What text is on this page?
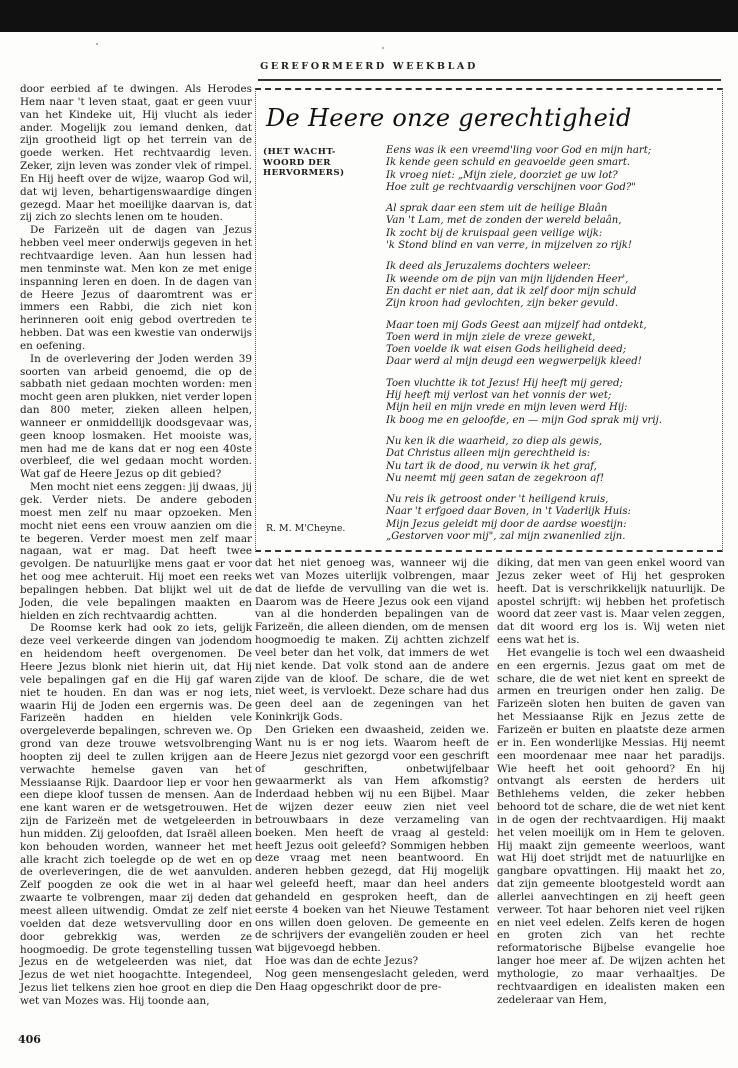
GEREFORMEERD WEEKBLAD

door eerbied af te dwingen. Als Herodes Hem naar 't leven staat, gaat er geen vuur van het Kindeke uit, Hij vlucht als ieder ander. Mogelijk zou iemand denken, dat zijn grootheid ligt op het terrein van de goede werken. Het rechtvaardig leven. Zeker, zijn leven was zonder vlek of rimpel. En Hij heeft over de wijze, waarop God wil, dat wij leven, behartigenswaardige dingen gezegd. Maar het moeilijke daarvan is, dat zij zich zo slechts lenen om te houden.

De Farizeën uit de dagen van Jezus hebben veel meer onderwijs gegeven in het rechtvaardige leven. Aan hun lessen had men tenminste wat. Men kon ze met enige inspanning leren en doen. In de dagen van de Heere Jezus of daaromtrent was er immers een Rabbi, die zich niet kon herinneren ooit enig gebod overtreden te hebben. Dat was een kwestie van onderwijs en oefening.

In de overlevering der Joden werden 39 soorten van arbeid genoemd, die op de sabbath niet gedaan mochten worden: men mocht geen aren plukken, niet verder lopen dan 800 meter, zieken alleen helpen, wanneer er onmiddellijk doodsgevaar was, geen knoop losmaken. Het mooiste was, men had me de kans dat er nog een 40ste overbleef, die wel gedaan mocht worden. Wat gaf de Heere Jezus op dit gebied?

Men mocht niet eens zeggen: jij dwaas, jij gek. Verder niets. De andere geboden moest men zelf nu maar opzoeken. Men mocht niet eens een vrouw aanzien om die te begeren. Verder moest men zelf maar nagaan, wat er mag. Dat heeft twee gevolgen. De natuurlijke mens gaat er voor het oog mee achteruit. Hij moet een reeks bepalingen hebben. Dat blijkt wel uit de Joden, die vele bepalingen maakten en hielden en zich rechtvaardig achtten.

De Roomse kerk had ook zo iets, gelijk deze veel verkeerde dingen van jodendom en heidendom heeft overgenomen. De Heere Jezus blonk niet hierin uit, dat Hij vele bepalingen gaf en die Hij gaf waren niet te houden. En dan was er nog iets, waarin Hij de Joden een ergernis was. De Farizeën hadden en hielden vele overgeleverde bepalingen, schreven we. Op grond van deze trouwe wetsvolbrenging hoopten zij deel te zullen krijgen aan de verwachte hemelse gaven van het Messiaanse Rijk. Daardoor liep er voor hen een diepe kloof tussen de mensen. Aan de ene kant waren er de wetsgetrouwen. Het zijn de Farizeën met de wetgeleerden in hun midden. Zij geloofden, dat Israël alleen kon behouden worden, wanneer het met alle kracht zich toelegde op de wet en op de overleveringen, die de wet aanvulden. Zelf poogden ze ook die wet in al haar zwaarte te volbrengen, maar zij deden dat meest alleen uitwendig. Omdat ze zelf niet voelden dat deze wetsvervulling door en door gebrekkig was, werden ze hoogmoedig. De grote tegenstelling tussen Jezus en de wetgeleerden was niet, dat Jezus de wet niet hoogachtte. Integendeel, Jezus liet telkens zien hoe groot en diep die wet van Mozes was. Hij toonde aan,

De Heere onze gerechtigheid
(HET WACHT-
WOORD DER
HERVORMERS)
Eens was ik een vreemd'ling voor God en mijn hart;
Ik kende geen schuld en geavoelde geen smart.
Ik vroeg niet: „Mijn ziele, doorziet ge uw lot?
Hoe zult ge rechtvaardig verschijnen voor God?"
Al sprak daar een stem uit de heilige Blaân
Van 't Lam, met de zonden der wereld belaân,
Ik zocht bij de kruispaal geen veilige wijk:
'k Stond blind en van verre, in mijzelven zo rijk!
Ik deed als Jeruzalems dochters weleer:
Ik weende om de pijn van mijn lijdenden Heer',
En dacht er niet aan, dat ik zelf door mijn schuld
Zijn kroon had gevlochten, zijn beker gevuld.
Maar toen mij Gods Geest aan mijzelf had ontdekt,
Toen werd in mijn ziele de vreze gewekt,
Toen voelde ik wat eisen Gods heiligheid deed;
Daar werd al mijn deugd een wegwerpelijk kleed!
Toen vluchtte ik tot Jezus! Hij heeft mij gered;
Hij heeft mij verlost van het vonnis der wet;
Mijn heil en mijn vrede en mijn leven werd Hij:
Ik boog me en geloofde, en — mijn God sprak mij vrij.
Nu ken ik die waarheid, zo diep als gewis,
Dat Christus alleen mijn gerechtheid is:
Nu tart ik de dood, nu verwin ik het graf,
Nu neemt mij geen satan de zegekroon af!
Nu reis ik getroost onder 't heiligend kruis,
Naar 't erfgoed daar Boven, in 't Vaderlijk Huis:
Mijn Jezus geleidt mij door de aardse woestijn:
„Gestorven voor mij", zal mijn zwanenlied zijn.
R. M. M'Cheyne.

dat het niet genoeg was, wanneer wij die wet van Mozes uiterlijk volbrengen, maar dat de liefde de vervulling van die wet is. Daarom was de Heere Jezus ook een vijand van al die honderden bepalingen van de Farizeën, die alleen dienden, om de mensen hoogmoedig te maken. Zij achtten zichzelf veel beter dan het volk, dat immers de wet niet kende. Dat volk stond aan de andere zijde van de kloof. De schare, die de wet niet weet, is vervloekt. Deze schare had dus geen deel aan de zegeningen van het Koninkrijk Gods.

Den Grieken een dwaasheid, zeiden we. Want nu is er nog iets. Waarom heeft de Heere Jezus niet gezorgd voor een geschrift of geschriften, onbetwijfelbaar gewaarmerkt als van Hem afkomstig? Inderdaad hebben wij nu een Bijbel. Maar de wijzen dezer eeuw zien niet veel betrouwbaars in deze verzameling van boeken. Men heeft de vraag al gesteld: heeft Jezus ooit geleefd? Sommigen hebben deze vraag met neen beantwoord. En anderen hebben gezegd, dat Hij mogelijk wel geleefd heeft, maar dan heel anders gehandeld en gesproken heeft, dan de eerste 4 boeken van het Nieuwe Testament ons willen doen geloven. De gemeente en de schrijvers der evangeliën zouden er heel wat bijgevoegd hebben.

Hoe was dan de echte Jezus?

Nog geen mensengeslacht geleden, werd Den Haag opgeschrikt door de pre-

diking, dat men van geen enkel woord van Jezus zeker weet of Hij het gesproken heeft. Dat is verschrikkelijk natuurlijk. De apostel schrijft: wij hebben het profetisch woord dat zeer vast is. Maar velen zeggen, dat dit woord erg los is. Wij weten niet eens wat het is.

Het evangelie is toch wel een dwaasheid en een ergernis. Jezus gaat om met de schare, die de wet niet kent en spreekt de armen en treurigen onder hen zalig. De Farizeën sloten hen buiten de gaven van het Messiaanse Rijk en Jezus zette de Farizeën er buiten en plaatste deze armen er in. Een wonderlijke Messias. Hij neemt een moordenaar mee naar het paradijs. Wie heeft het ooit gehoord? En hij ontvangt als eersten de herders uit Bethlehems velden, die zeker hebben behoord tot de schare, die de wet niet kent in de ogen der rechtvaardigen. Hij maakt het velen moeilijk om in Hem te geloven. Hij maakt zijn gemeente weerloos, want wat Hij doet strijdt met de natuurlijke en gangbare opvattingen. Hij maakt het zo, dat zijn gemeente blootgesteld wordt aan allerlei aanvechtingen en zij heeft geen verweer. Tot haar behoren niet veel rijken en niet veel edelen. Zelfs keren de hogen en groten zich van het rechte reformatorische Bijbelse evangelie hoe langer hoe meer af. De wijzen achten het mythologie, zo maar verhaaltjes. De rechtvaardigen en idealisten maken een zedeleraar van Hem,

406
